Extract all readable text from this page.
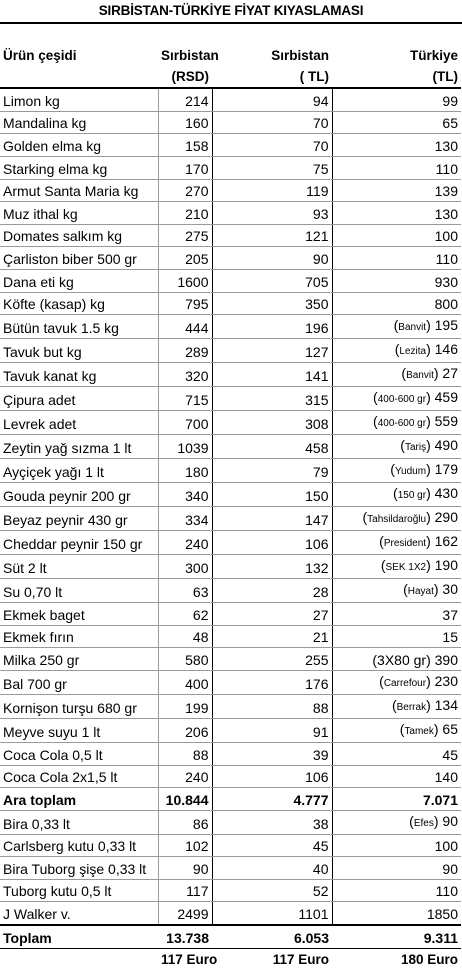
SIRBİSTAN-TÜRKİYE FİYAT KIYASLAMASI
Ürün çeşidi	Sırbistan	Sırbistan	Türkiye
	(RSD)	( TL)	(TL)
Limon kg	214	94	99
Mandalina kg	160	70	65
Golden elma kg	158	70	130
Starking elma kg	170	75	110
Armut Santa Maria kg	270	119	139
Muz ithal kg	210	93	130
Domates salkım kg	275	121	100
Çarliston biber 500 gr	205	90	110
Dana eti kg	1600	705	930
Köfte (kasap) kg	795	350	800
Bütün tavuk 1.5 kg	444	196	(Banvit) 195
Tavuk but kg	289	127	(Lezita) 146
Tavuk kanat kg	320	141	(Banvit) 27
Çipura adet	715	315	(400-600 gr) 459
Levrek adet	700	308	(400-600 gr) 559
Zeytin yağ sızma 1 lt	1039	458	(Tariş) 490
Ayçiçek yağı 1 lt	180	79	(Yudum) 179
Gouda peynir 200 gr	340	150	(150 gr) 430
Beyaz peynir 430 gr	334	147	(Tahsildaroğlu) 290
Cheddar peynir 150 gr	240	106	(President) 162
Süt 2 lt	300	132	(SEK 1X2) 190
Su 0,70 lt	63	28	(Hayat) 30
Ekmek baget	62	27	37
Ekmek fırın	48	21	15
Milka 250 gr	580	255	(3X80 gr) 390
Bal 700 gr	400	176	(Carrefour) 230
Kornişon turşu 680 gr	199	88	(Berrak) 134
Meyve suyu 1 lt	206	91	(Tamek) 65
Coca Cola 0,5 lt	88	39	45
Coca Cola 2x1,5 lt	240	106	140
Ara toplam	10.844	4.777	7.071
Bira 0,33 lt	86	38	(Efes) 90
Carlsberg kutu 0,33 lt	102	45	100
Bira Tuborg şişe 0,33 lt	90	40	90
Tuborg kutu 0,5 lt	117	52	110
J Walker v.	2499	1101	1850
Toplam	13.738	6.053	9.311
	117 Euro	117 Euro	180 Euro
